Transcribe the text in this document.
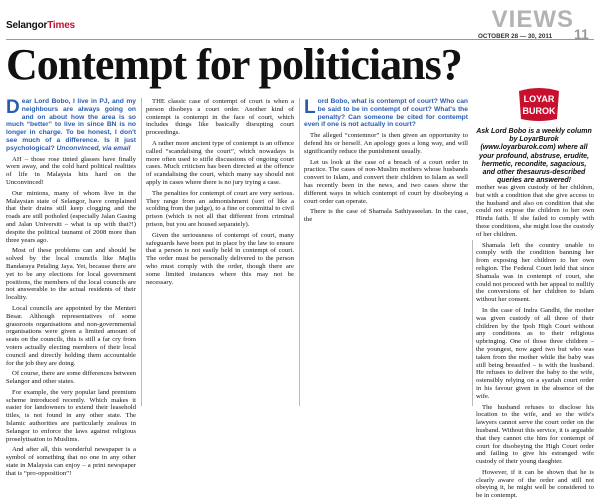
SelangorTimes	VIEWS
OCTOBER 28 — 30, 2011 11
Contempt for politicians?
Dear Lord Bobo, I live in PJ, and my neighbours are always going on and on about how the area is so much “better” to live in since BN is no longer in charge. To be honest, I don't see much of a difference. Is it just psychological? Unconvinced, via email

AH – those rose tinted glasses have finally worn away, and the cold hard political realities of life in Malaysia hits hard on the Unconvinced!

Our minions, many of whom live in the Malaysian state of Selangor, have complained that their drains still keep clogging and the roads are still potholed (especially Jalan Gasing and Jalan Universiti – what is up with that?!) despite the political tsunami of 2008 more than three years ago.

Most of these problems can and should be solved by the local councils like Majlis Bandaraya Petaling Jaya. Yet, because there are yet to be any elections for local government positions, the members of the local councils are not answerable to the actual residents of their locality.

Local councils are appointed by the Menteri Besar. Although representatives of some grassroots organisations and non-governmental organisations were given a limited amount of seats on the councils, this is still a far cry from voters actually electing members of their local council and directly holding them accountable for the job they are doing.

Of course, there are some differences between Selangor and other states.

For example, the very popular land premium scheme introduced recently. Which makes it easier for landowners to extend their leasehold titles, is not found in any other state. The Islamic authorities are particularly zealous in Selangor to enforce the laws against religious proselytisation to Muslims.

And after all, this wonderful newspaper is a symbol of something that no one in any other state in Malaysia can enjoy – a print newspaper that is “pro-opposition”!

THE classic case of contempt of court is when a person disobeys a court order. Another kind of contempt is contempt in the face of court, which includes things like basically disrupting court proceedings.

A rather more ancient type of contempt is an offence called “scandalising the court”, which nowadays is more often used to stifle discussions of ongoing court cases. Much criticism has been directed at the offence of scandalising the court, which many say should not apply in cases where there is no jury trying a case.

The penalties for contempt of court are very serious. They range from an admonishment (sort of like a scolding from the judge), to a fine or committal to civil prison (which is not all that different from criminal prison, but you are housed separately).

Given the seriousness of contempt of court, many safeguards have been put in place by the law to ensure that a person is not easily held in contempt of court. The order must be personally delivered to the person who must comply with the order, though there are some limited instances where this may not be necessary.

Lord Bobo, what is contempt of court? Who can be said to be in contempt of court? What's the penalty? Can someone be cited for contempt even if one is not actually in court?

The alleged “contemnor” is then given an opportunity to defend his or herself. An apology goes a long way, and will significantly reduce the punishment usually.

Let us look at the case of a breach of a court order in practice. The cases of non-Muslim mothers whose husbands convert to Islam, and convert their children to Islam as well has recently been in the news, and two cases show the different ways in which contempt of court by disobeying a court order can operate.

There is the case of Shamala Sathiyaseelan. In the case, the

LOYAR
BUROK
Ask Lord Bobo is a weekly column by LoyarBurok (www.loyarburok.com) where all your profound, abstruse, erudite, hermetic, recondite, sagacious, and other thesaurus-described queries are answered!

mother was given custody of her children, but with a condition that she give access to the husband and also on condition that she could not expose the children to her own Hindu faith. If she failed to comply with these conditions, she might lose the custody of her children.

Shamala left the country unable to comply with the condition banning her from exposing her children to her own religion. The Federal Court held that since Shamala was in contempt of court, she could not proceed with her appeal to nullify the conversions of her children to Islam without her consent.

In the case of Indra Gandhi, the mother was given custody of all three of their children by the Ipoh High Court without any conditions as to their religious upbringing. One of those three children – the youngest, now aged two but who was taken from the mother while the baby was still being breastfed – is with the husband. He refuses to deliver the baby to the wife, ostensibly relying on a syariah court order in his favour given in the absence of the wife.

The husband refuses to disclose his location to the wife, and so the wife's lawyers cannot serve the court order on the husband. Without this service, it is arguable that they cannot cite him for contempt of court for disobeying the High Court order and failing to give his estranged wife custody of their young daughter.

However, if it can be shown that he is clearly aware of the order and still not obeying it, he might well be considered to be in contempt.
